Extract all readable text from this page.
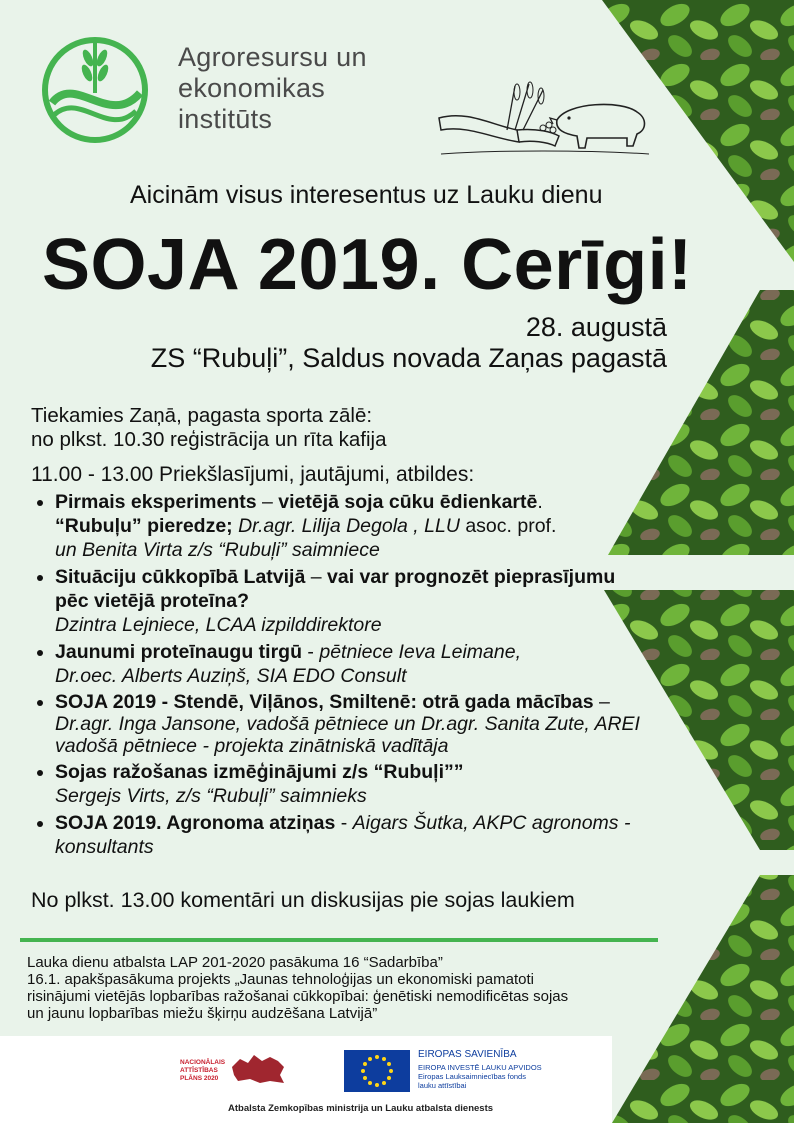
Agroresursu un
ekonomikas
institūts
Aicinām visus interesentus uz Lauku dienu
SOJA 2019. Cerīgi!
28. augustā
ZS “Rubuļi”, Saldus novada Zaņas pagastā
Tiekamies Zaņā, pagasta sporta zālē:
no plkst. 10.30 reģistrācija un rīta kafija
11.00 - 13.00 Priekšlasījumi, jautājumi, atbildes:
• Pirmais eksperiments – vietējā soja cūku ēdienkartē.
“Rubuļu” pieredze; Dr.agr. Lilija Degola , LLU asoc. prof.
un Benita Virta z/s “Rubuļi” saimniece
• Situāciju cūkkopībā Latvijā – vai var prognozēt pieprasījumu pēc vietējā proteīna?
Dzintra Lejniece, LCAA izpilddirektore
• Jaunumi proteīnaugu tirgū - pētniece Ieva Leimane,
Dr.oec. Alberts Auziņš, SIA EDO Consult
• SOJA 2019 - Stendē, Viļānos, Smiltenē: otrā gada mācības –Dr.agr. Inga Jansone, vadošā pētniece un Dr.agr. Sanita Zute, AREI vadošā pētniece - projekta zinātniskā vadītāja
• Sojas ražošanas izmēģinājumi z/s “Rubuļi””
Sergejs Virts, z/s “Rubuļi” saimnieks
• SOJA 2019. Agronoma atziņas - Aigars Šutka, AKPC agronoms - konsultants
No plkst. 13.00 komentāri un diskusijas pie sojas laukiem
Lauka dienu atbalsta LAP 201-2020 pasākuma 16 “Sadarbība”
16.1. apakšpasākuma projekts „Jaunas tehnoloģijas un ekonomiski pamatoti
risinājumi vietējās lopbarības ražošanai cūkkopībai: ģenētiski nemodificētas sojas
un jaunu lopbarības miežu šķirņu audzēšana Latvijā”
NACIONĀLAIS
ATTĪSTĪBAS
PLĀNS 2020
EIROPAS SAVIENĪBA
EIROPA INVESTĒ LAUKU APVIDOS
Eiropas Lauksaimniecības fonds
lauku attīstībai
Atbalsta Zemkopības ministrija un Lauku atbalsta dienests
